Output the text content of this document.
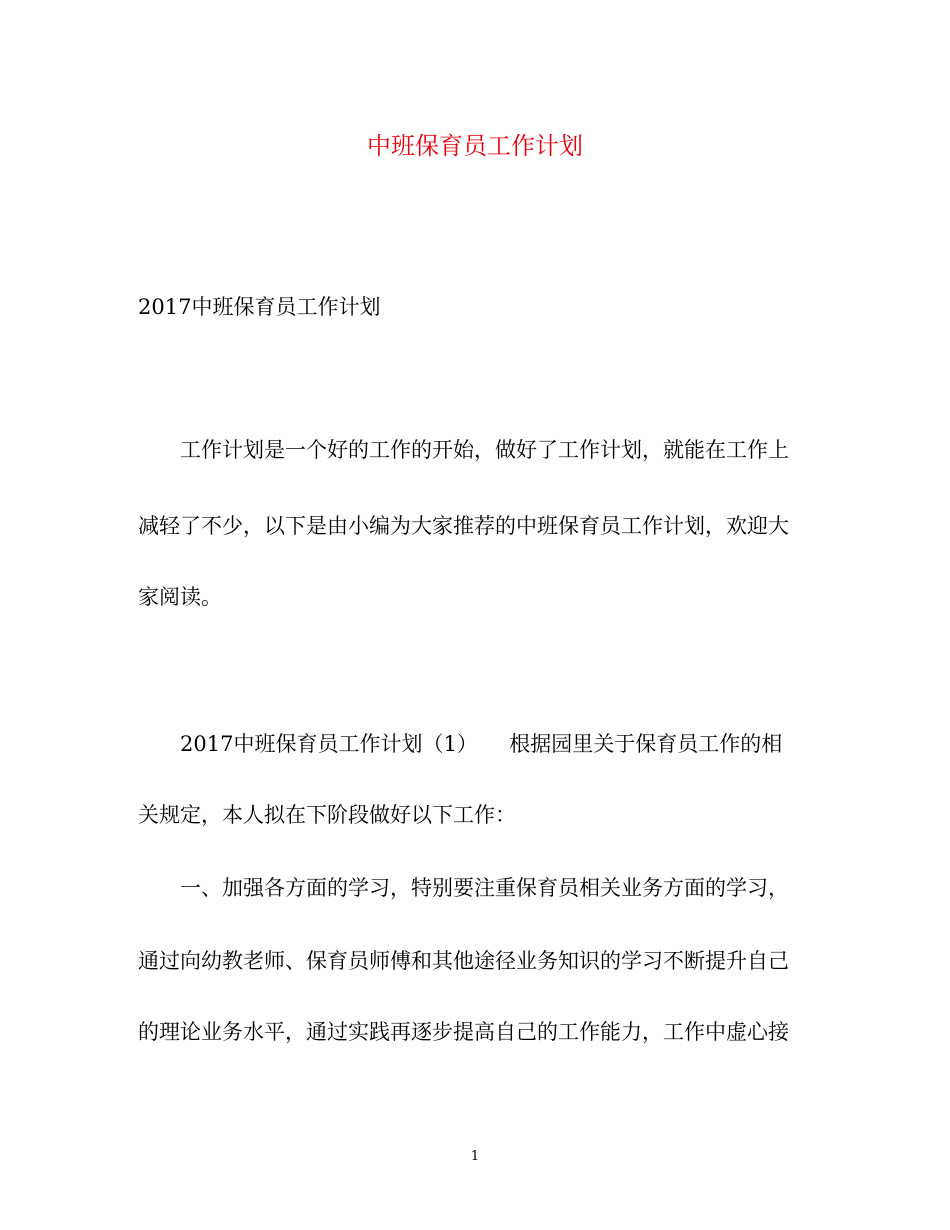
中班保育员工作计划
2017中班保育员工作计划
工作计划是一个好的工作的开始，做好了工作计划，就能在工作上
减轻了不少，以下是由小编为大家推荐的中班保育员工作计划，欢迎大
家阅读。
2017中班保育员工作计划（1）　　根据园里关于保育员工作的相
关规定，本人拟在下阶段做好以下工作：
一、加强各方面的学习，特别要注重保育员相关业务方面的学习，
通过向幼教老师、保育员师傅和其他途径业务知识的学习不断提升自己
的理论业务水平，通过实践再逐步提高自己的工作能力，工作中虚心接
1
